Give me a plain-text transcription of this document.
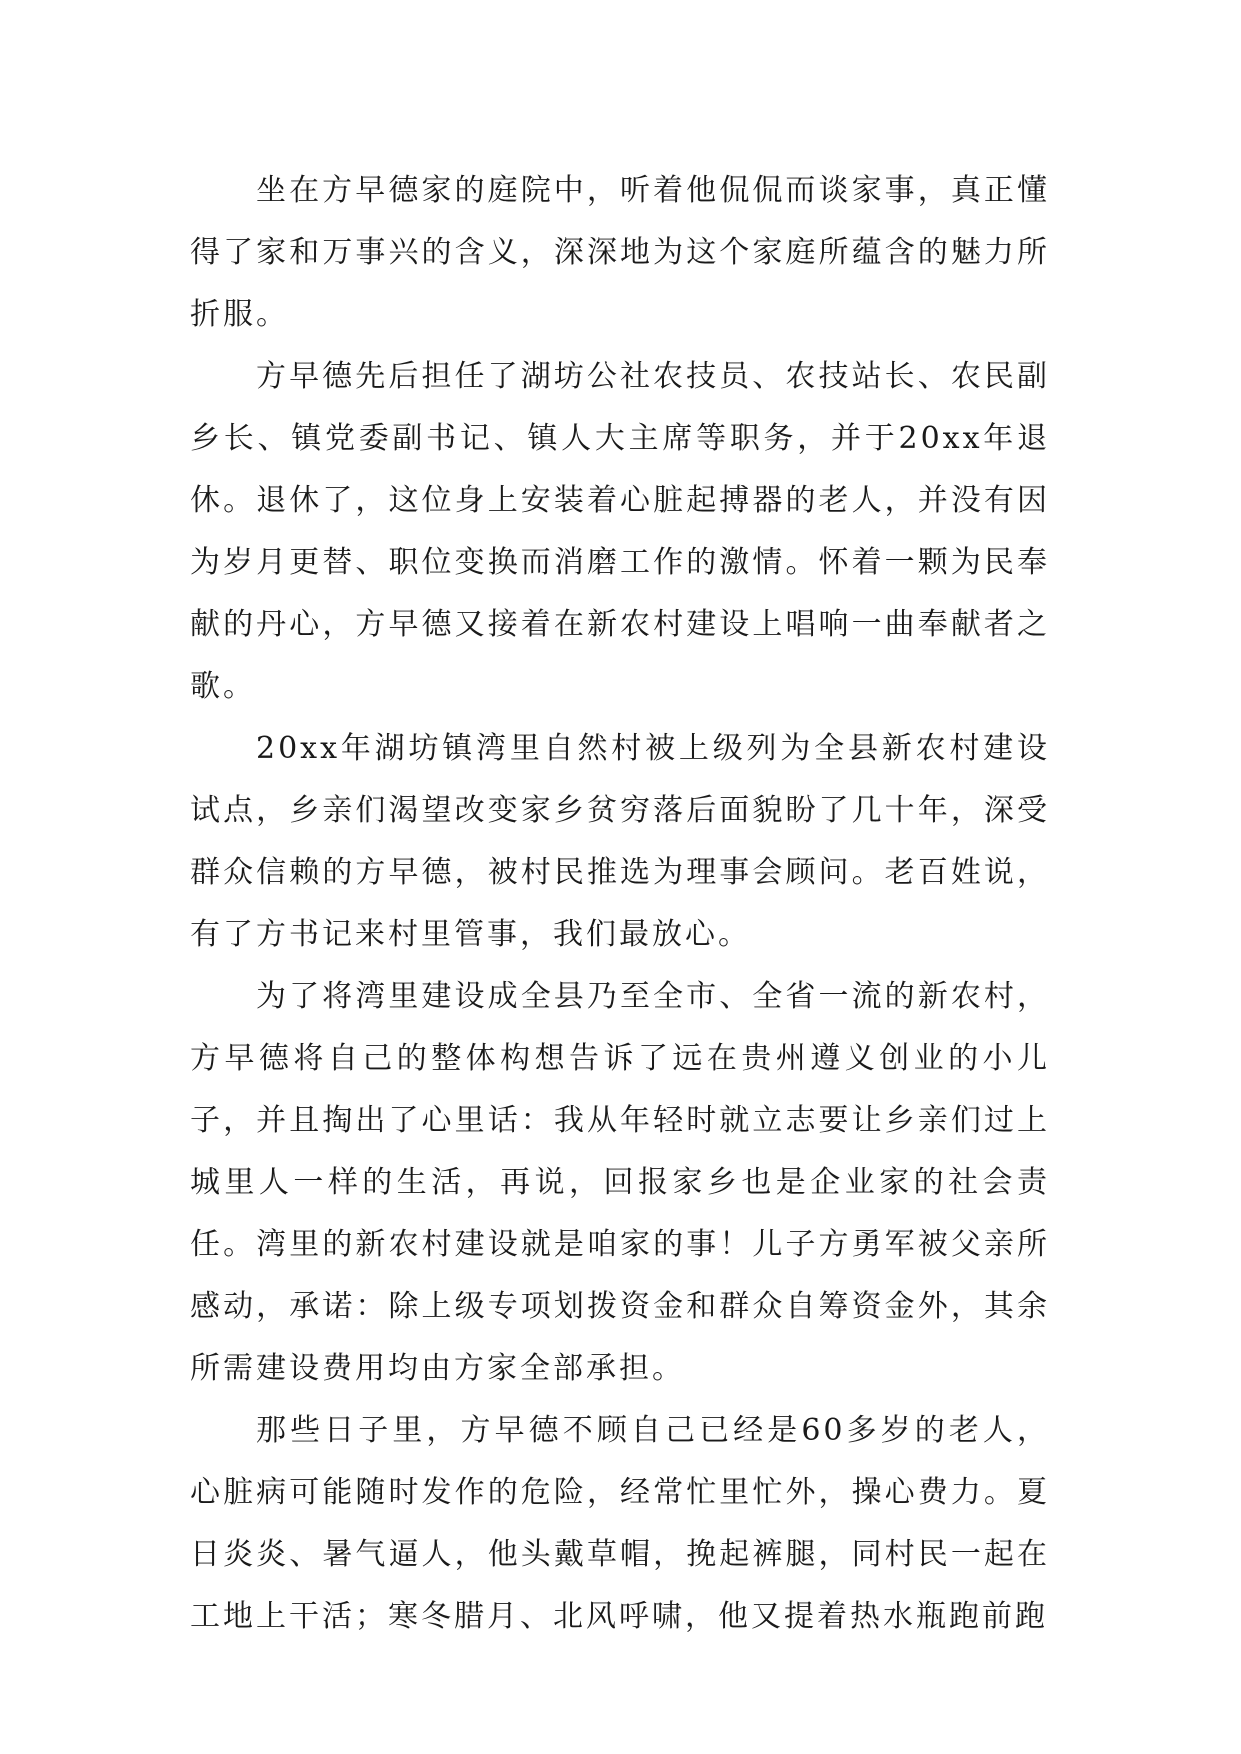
坐在方早德家的庭院中，听着他侃侃而谈家事，真正懂得了家和万事兴的含义，深深地为这个家庭所蕴含的魅力所折服。

方早德先后担任了湖坊公社农技员、农技站长、农民副乡长、镇党委副书记、镇人大主席等职务，并于20xx年退休。退休了，这位身上安装着心脏起搏器的老人，并没有因为岁月更替、职位变换而消磨工作的激情。怀着一颗为民奉献的丹心，方早德又接着在新农村建设上唱响一曲奉献者之歌。

20xx年湖坊镇湾里自然村被上级列为全县新农村建设试点，乡亲们渴望改变家乡贫穷落后面貌盼了几十年，深受群众信赖的方早德，被村民推选为理事会顾问。老百姓说，有了方书记来村里管事，我们最放心。

为了将湾里建设成全县乃至全市、全省一流的新农村，方早德将自己的整体构想告诉了远在贵州遵义创业的小儿子，并且掏出了心里话：我从年轻时就立志要让乡亲们过上城里人一样的生活，再说，回报家乡也是企业家的社会责任。湾里的新农村建设就是咱家的事！儿子方勇军被父亲所感动，承诺：除上级专项划拨资金和群众自筹资金外，其余所需建设费用均由方家全部承担。

那些日子里，方早德不顾自己已经是60多岁的老人，心脏病可能随时发作的危险，经常忙里忙外，操心费力。夏日炎炎、暑气逼人，他头戴草帽，挽起裤腿，同村民一起在工地上干活；寒冬腊月、北风呼啸，他又提着热水瓶跑前跑
